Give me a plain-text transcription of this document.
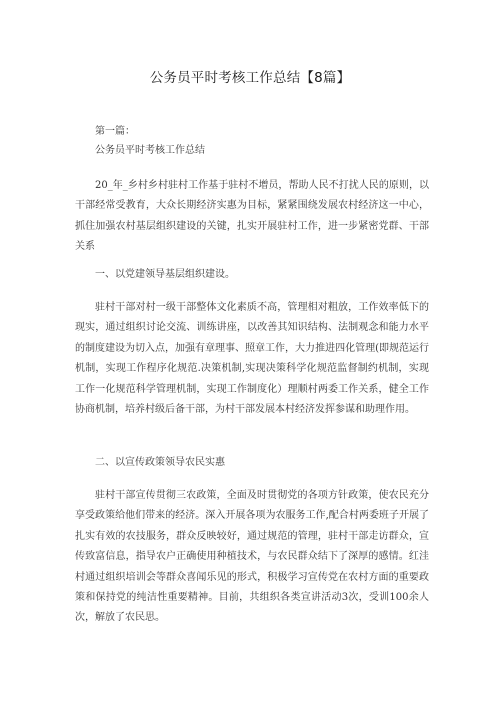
公务员平时考核工作总结【8篇】
第一篇：
公务员平时考核工作总结

20_年_乡村乡村驻村工作基于驻村不增员，帮助人民不打扰人民的原则，以干部经常受教育，大众长期经济实惠为目标，紧紧围绕发展农村经济这一中心，抓住加强农村基层组织建设的关键，扎实开展驻村工作，进一步紧密党群、干部关系

一、以党建领导基层组织建设。

驻村干部对村一级干部整体文化素质不高，管理相对粗放，工作效率低下的现实，通过组织讨论交流、训练讲座，以改善其知识结构、法制观念和能力水平的制度建设为切入点，加强有章理事、照章工作，大力推进四化管理(即规范运行机制，实现工作程序化规范.决策机制,实现决策科学化规范监督制约机制，实现工作一化规范科学管理机制，实现工作制度化）理顺村两委工作关系，健全工作协商机制，培养村级后备干部，为村干部发展本村经济发挥参谋和助理作用。

二、以宣传政策领导农民实惠

驻村干部宣传贯彻三农政策，全面及时贯彻党的各项方针政策，使农民充分享受政策给他们带来的经济。深入开展各项为农服务工作,配合村两委班子开展了扎实有效的农技服务，群众反映较好，通过规范的管理，驻村干部走访群众，宣传致富信息，指导农户正确使用种植技术，与农民群众结下了深厚的感情。红洼村通过组织培训会等群众喜闻乐见的形式，积极学习宣传党在农村方面的重要政策和保持党的纯洁性重要精神。目前，共组织各类宣讲活动3次，受训100余人次，解放了农民思。
